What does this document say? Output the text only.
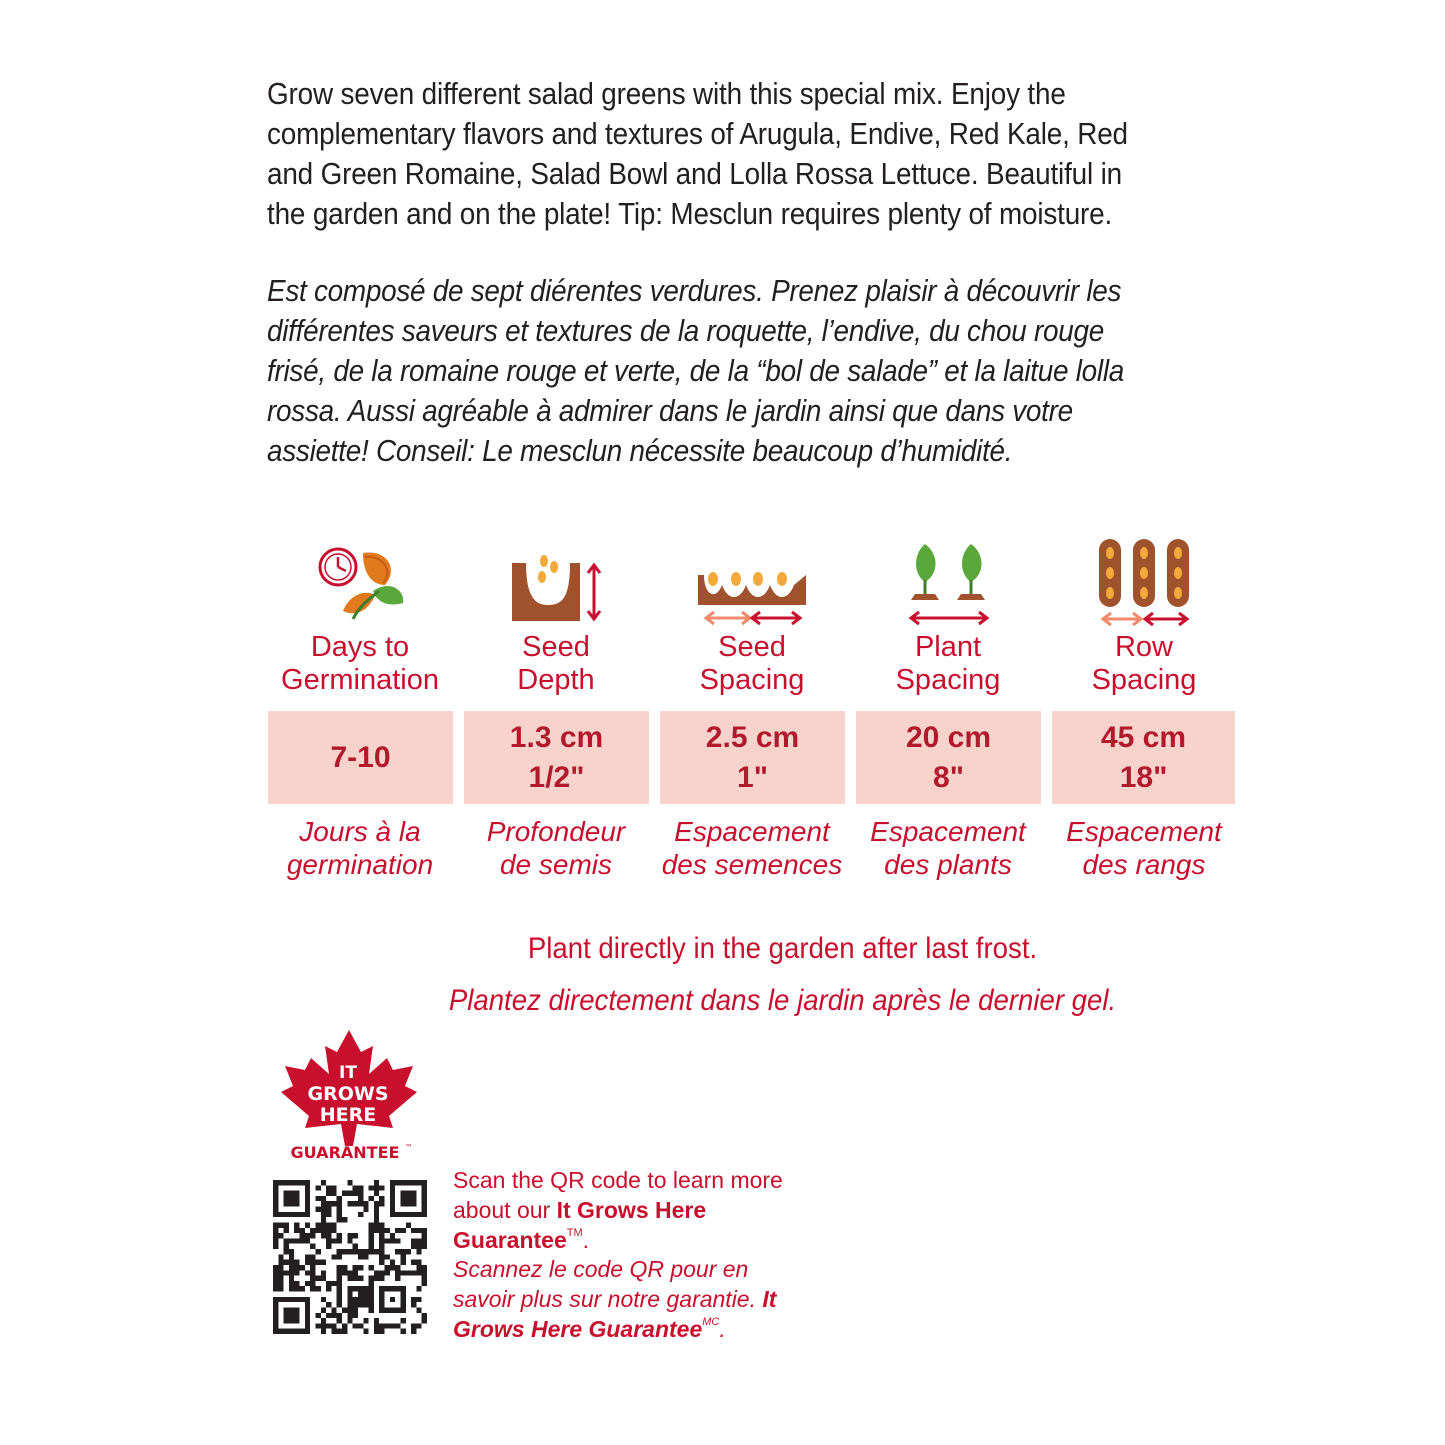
Grow seven different salad greens with this special mix. Enjoy the complementary flavors and textures of Arugula, Endive, Red Kale, Red and Green Romaine, Salad Bowl and Lolla Rossa Lettuce. Beautiful in the garden and on the plate! Tip: Mesclun requires plenty of moisture.

Est composé de sept diérentes verdures. Prenez plaisir à découvrir les différentes saveurs et textures de la roquette, l’endive, du chou rouge frisé, de la romaine rouge et verte, de la “bol de salade” et la laitue lolla rossa. Aussi agréable à admirer dans le jardin ainsi que dans votre assiette! Conseil: Le mesclun nécessite beaucoup d’humidité.

Days to
Germination
Seed
Depth
Seed
Spacing
Plant
Spacing
Row
Spacing
7-10
1.3 cm
1/2"
2.5 cm
1"
20 cm
8"
45 cm
18"
Jours à la
germination
Profondeur
de semis
Espacement
des semences
Espacement
des plants
Espacement
des rangs
Plant directly in the garden after last frost.
Plantez directement dans le jardin après le dernier gel.
IT
GROWS
HERE
GUARANTEE ™
Scan the QR code to learn more about our It Grows Here Guarantee™.
Scannez le code QR pour en savoir plus sur notre garantie. It Grows Here Guarantee$^{MC}$.
